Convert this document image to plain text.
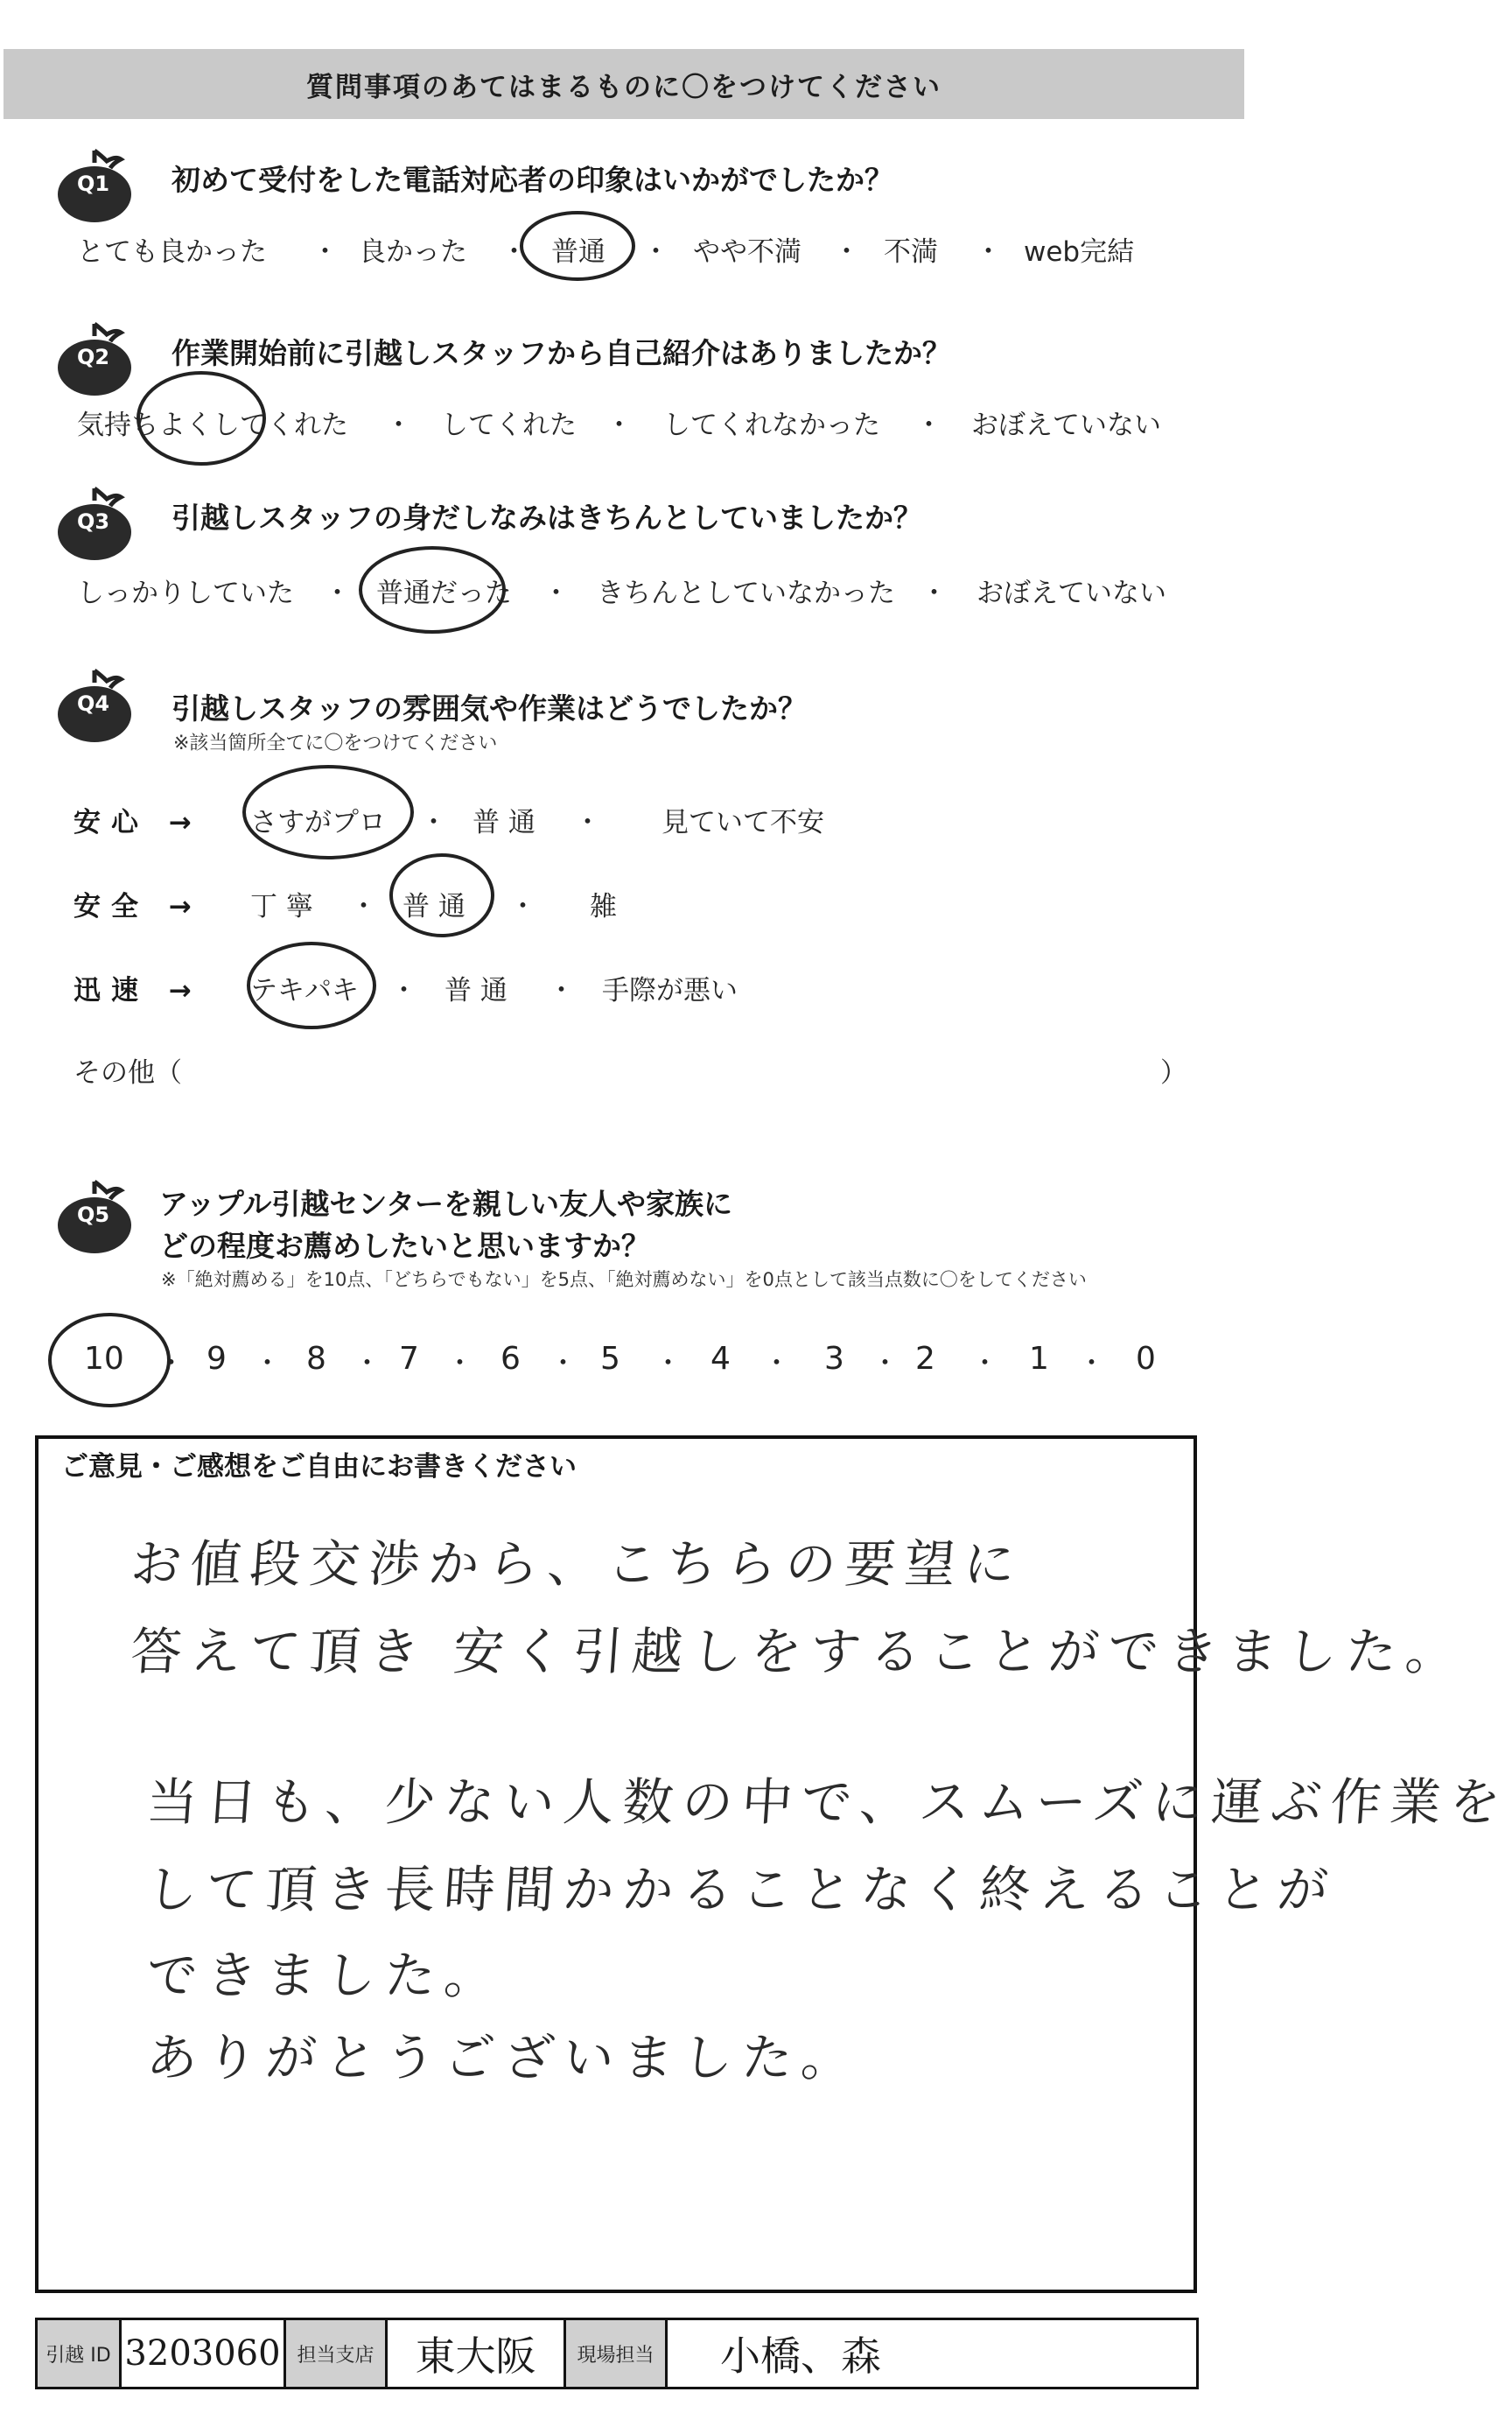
質問事項のあてはまるものに〇をつけてください
Q1 初めて受付をした電話対応者の印象はいかがでしたか？
とても良かった ・ 良かった ・ 普通 ・ やや不満 ・ 不満 ・ web完結
Q2 作業開始前に引越しスタッフから自己紹介はありましたか？
気持ちよくしてくれた ・ してくれた ・ してくれなかった ・ おぼえていない
Q3 引越しスタッフの身だしなみはきちんとしていましたか？
しっかりしていた ・ 普通だった ・ きちんとしていなかった ・ おぼえていない
Q4 引越しスタッフの雰囲気や作業はどうでしたか？
※該当箇所全てに〇をつけてください
安心 → さすがプロ ・ 普 通 ・ 見ていて不安
安全 → 丁 寧 ・ 普 通 ・ 雑
迅速 → テキパキ ・ 普 通 ・ 手際が悪い
その他（	）
Q5 アップル引越センターを親しい友人や家族に
どの程度お薦めしたいと思いますか？
※「絶対薦める」を10点、「どちらでもない」を5点、「絶対薦めない」を0点として該当点数に〇をしてください
10 ・ 9 ・ 8 ・ 7 ・ 6 ・ 5 ・ 4 ・ 3 ・ 2 ・ 1 ・ 0
ご意見・ご感想をご自由にお書きください
お値段交渉から、こちらの要望に
答えて頂き 安く引越しをすることができました。
当日も、少ない人数の中で、スムーズに運ぶ作業を
して頂き長時間かかることなく終えることが
できました。
ありがとうございました。
引越 ID 3203060 担当支店	東大阪	現場担当	小橋、森
